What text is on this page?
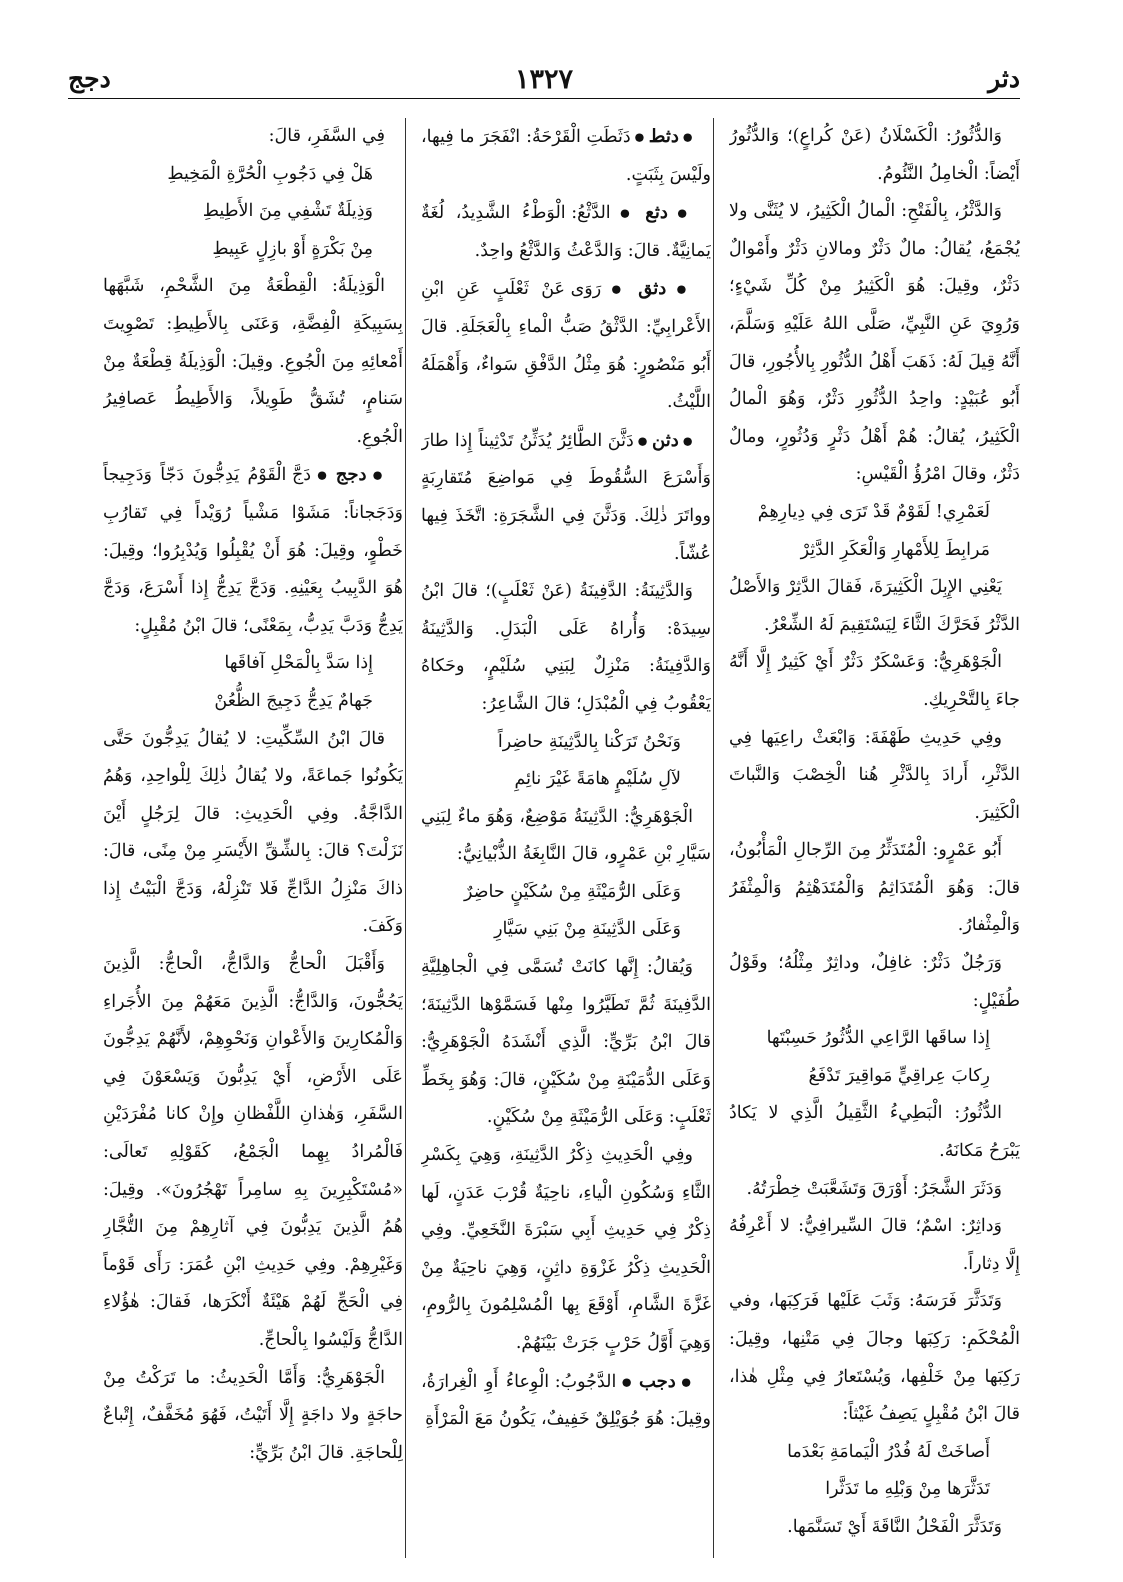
دثر
١٣٢٧
دجج

وَالدُّثُورُ: الْكَسْلَانُ (عَنْ كُراعٍ)؛ وَالدُّثُورُ أَيْضاً: الْخامِلُ النَّئُومُ.

وَالدَّثْرُ، بِالْفَتْحِ: الْمالُ الْكَثِيرُ، لا يُثَنَّى ولا يُجْمَعُ، يُقالُ: مالٌ دَثْرٌ ومالانِ دَثْرٌ وأَمْوالٌ دَثْرٌ، وقِيلَ: هُوَ الْكَثِيرُ مِنْ كُلِّ شَيْءٍ؛ وَرُوِيَ عَنِ النَّبِيِّ، صَلَّى اللهُ عَلَيْهِ وَسَلَّمَ، أَنَّهُ قِيلَ لَهُ: ذَهَبَ أَهْلُ الدُّثُورِ بِالأُجُورِ، قالَ أَبُو عُبَيْدٍ: واحِدُ الدُّثُورِ دَثْرٌ، وَهُوَ الْمالُ الْكَثِيرُ، يُقالُ: هُمْ أَهْلُ دَثْرٍ وَدُثُورٍ، ومالٌ دَثْرٌ، وقالَ امْرُؤُ الْقَيْسِ:

لَعَمْرِي! لَقَوْمٌ قَدْ تَرَى فِي دِيارِهِمْ

مَرابِطَ لِلأَمْهارِ وَالْعَكَرِ الدَّثِرْ

يَعْنِي الإِبِلَ الْكَثِيرَةَ، فَقالَ الدَّثِرْ وَالأَصْلُ الدَّثْرُ فَحَرَّكَ الثَّاءَ لِيَسْتَقِيمَ لَهُ الشِّعْرُ.

الْجَوْهَرِيُّ: وَعَسْكَرٌ دَثْرٌ أَيْ كَثِيرٌ إِلَّا أَنَّهُ جاءَ بِالتَّحْرِيكِ.

وفِي حَدِيثِ طَهْفَةَ: وَابْعَثْ راعِيَها فِي الدَّثْرِ، أَرادَ بِالدَّثْرِ هُنا الْخِصْبَ وَالنَّباتَ الْكَثِيرَ.

أَبُو عَمْرٍو: الْمُتَدَثِّرُ مِنَ الرِّجالِ الْمَأْبُونُ، قالَ: وَهُوَ الْمُتَدَاثِمُ وَالْمُتَدَهْثِمُ وَالْمِثْفَرُ وَالْمِثْفارُ.

وَرَجُلٌ دَثْرٌ: غافِلٌ، وداثِرٌ مِثْلُهُ؛ وقَوْلُ طُفَيْلٍ:

إِذا ساقَها الرَّاعِي الدُّثُورُ حَسِبْتَها

رِكابَ عِراقِيٍّ مَواقِيرَ تَدْفَعُ

الدُّثُورُ: الْبَطِيءُ الثَّقِيلُ الَّذِي لا يَكادُ يَبْرَحُ مَكانَهُ.

وَدَثَرَ الشَّجَرُ: أَوْرَقَ وَتَشَعَّبَتْ خِطْرَتُهُ.

وَداثِرٌ: اسْمٌ؛ قالَ السِّيرافِيُّ: لا أَعْرِفُهُ إِلَّا دِثاراً.

وَتَدَثَّرَ فَرَسَهُ: وَثَبَ عَلَيْها فَرَكِبَها، وفي الْمُحْكَمِ: رَكِبَها وجالَ فِي مَتْنِها، وقِيلَ: رَكِبَها مِنْ خَلْفِها، وَيُسْتَعارُ فِي مِثْلِ هٰذا، قالَ ابْنُ مُقْبِلٍ يَصِفُ غَيْثاً:

أَصاخَتْ لَهُ فُدْرُ الْيَمامَةِ بَعْدَما

تَدَثَّرَها مِنْ وَبْلِهِ ما تَدَثَّرا

وَتَدَثَّرَ الْفَحْلُ النَّاقَةَ أَيْ تَسَنَّمَها.

● دثط ● دَثَطَتِ الْقَرْحَةُ: انْفَجَرَ ما فِيها، ولَيْسَ بِثَبَتٍ.

● دثع ● الدَّثْعُ: الْوَطْءُ الشَّدِيدُ، لُغَةٌ يَمانِيَّةٌ. قالَ: وَالدَّعْثُ وَالدَّثْعُ واحِدٌ.

● دثق ● رَوَى عَنْ ثَعْلَبٍ عَنِ ابْنِ الأَعْرابِيِّ: الدَّثْقُ صَبُّ الْماءِ بِالْعَجَلَةِ. قالَ أَبُو مَنْصُورٍ: هُوَ مِثْلُ الدَّفْقِ سَواءٌ، وَأَهْمَلَهُ اللَّيْثُ.

● دثن ● دَثَّنَ الطَّائِرُ يُدَثِّنُ تَدْثِيناً إِذا طارَ وَأَسْرَعَ السُّقُوطَ فِي مَواضِعَ مُتَقارِبَةٍ وواتَرَ ذٰلِكَ. وَدَثَّنَ فِي الشَّجَرَةِ: اتَّخَذَ فِيها عُشّاً.

وَالدَّثِينَةُ: الدَّفِينَةُ (عَنْ ثَعْلَبٍ)؛ قالَ ابْنُ سِيدَهْ: وَأُراهُ عَلَى الْبَدَلِ. وَالدَّثِينَةُ وَالدَّفِينَةُ: مَنْزِلٌ لِبَنِي سُلَيْمٍ، وحَكاهُ يَعْقُوبُ فِي الْمُبْدَلِ؛ قالَ الشَّاعِرُ:

وَنَحْنُ تَرَكْنا بِالدَّثِينَةِ حاضِراً

لآلِ سُلَيْمٍ هامَةً غَيْرَ نائِمِ

الْجَوْهَرِيُّ: الدَّثِينَةُ مَوْضِعٌ، وَهُوَ ماءٌ لِبَنِي سَيَّارِ بْنِ عَمْرٍو، قالَ النَّابِغَةُ الذُّبْيانِيُّ:

وَعَلَى الرُّمَيْثَةِ مِنْ سُكَيْنٍ حاضِرٌ

وَعَلَى الدَّثِينَةِ مِنْ بَنِي سَيَّارِ

وَيُقالُ: إِنَّها كانَتْ تُسَمَّى فِي الْجاهِلِيَّةِ الدَّفِينَةَ ثُمَّ تَطَيَّرُوا مِنْها فَسَمَّوْها الدَّثِينَةَ؛ قالَ ابْنُ بَرِّيٍّ: الَّذِي أَنْشَدَهُ الْجَوْهَرِيُّ: وَعَلَى الدُّمَيْنَةِ مِنْ سُكَيْنٍ، قالَ: وَهُوَ بِخَطِّ ثَعْلَبٍ: وَعَلَى الرُّمَيْثَةِ مِنْ سُكَيْنٍ.

وفِي الْحَدِيثِ ذِكْرُ الدَّثِينَةِ، وَهِيَ بِكَسْرِ الثَّاءِ وَسُكُونِ الْياءِ، ناحِيَةٌ قُرْبَ عَدَنٍ، لَها ذِكْرٌ فِي حَدِيثِ أَبِي سَبْرَةَ النَّخَعِيِّ. وفِي الْحَدِيثِ ذِكْرُ غَزْوَةِ داثِنٍ، وَهِيَ ناحِيَةٌ مِنْ غَزَّةَ الشَّامِ، أَوْقَعَ بِها الْمُسْلِمُونَ بِالرُّومِ، وَهِيَ أَوَّلُ حَرْبٍ جَرَتْ بَيْنَهُمْ.

● دجب ● الدَّجُوبُ: الْوِعاءُ أَوِ الْغِرارَةُ، وقِيلَ: هُوَ جُوَيْلِقٌ خَفِيفٌ، يَكُونُ مَعَ الْمَرْأَةِ

فِي السَّفَرِ، قالَ:

هَلْ فِي دَجُوبِ الْحُرَّةِ الْمَخِيطِ

وَذِيلَةٌ تَشْفِي مِنَ الأَطِيطِ

مِنْ بَكْرَةٍ أَوْ بازِلٍ عَبِيطِ

الْوَذِيلَةُ: الْقِطْعَةُ مِنَ الشَّحْمِ، شَبَّهَها بِسَبِيكَةِ الْفِضَّةِ، وَعَنَى بِالأَطِيطِ: تَصْوِيتَ أَمْعائِهِ مِنَ الْجُوعِ. وقِيلَ: الْوَذِيلَةُ قِطْعَةٌ مِنْ سَنامٍ، تُشَقُّ طَوِيلاً، وَالأَطِيطُ عَصافِيرُ الْجُوعِ.

● دجج ● دَجَّ الْقَوْمُ يَدِجُّونَ دَجّاً وَدَجِيجاً وَدَجَجاناً: مَشَوْا مَشْياً رُوَيْداً فِي تَقارُبِ خَطْوٍ، وقِيلَ: هُوَ أَنْ يُقْبِلُوا وَيُدْبِرُوا؛ وقِيلَ: هُوَ الدَّبِيبُ بِعَيْنِهِ. وَدَجَّ يَدِجُّ إِذا أَسْرَعَ، وَدَجَّ يَدِجُّ وَدَبَّ يَدِبُّ، بِمَعْنًى؛ قالَ ابْنُ مُقْبِلٍ:

إِذا سَدَّ بِالْمَحْلِ آفاقَها

جَهامٌ يَدِجُّ دَجِيجَ الظُّعُنْ

قالَ ابْنُ السِّكِّيتِ: لا يُقالُ يَدِجُّونَ حَتَّى يَكُونُوا جَماعَةً، ولا يُقالُ ذٰلِكَ لِلْواحِدِ، وَهُمُ الدَّاجَّةُ. وفِي الْحَدِيثِ: قالَ لِرَجُلٍ أَيْنَ نَزَلْتَ؟ قالَ: بِالشِّقِّ الأَيْسَرِ مِنْ مِنًى، قالَ: ذاكَ مَنْزِلُ الدَّاجِّ فَلا تَنْزِلْهُ، وَدَجَّ الْبَيْتُ إِذا وَكَفَ.

وَأَقْبَلَ الْحاجُّ وَالدَّاجُّ، الْحاجُّ: الَّذِينَ يَحُجُّونَ، وَالدَّاجُّ: الَّذِينَ مَعَهُمْ مِنَ الأُجَراءِ وَالْمُكارِينَ وَالأَعْوانِ وَنَحْوِهِمْ، لأَنَّهُمْ يَدِجُّونَ عَلَى الأَرْضِ، أَيْ يَدِبُّونَ وَيَسْعَوْنَ فِي السَّفَرِ، وَهٰذانِ اللَّفْظانِ وإِنْ كانا مُفْرَدَيْنِ فَالْمُرادُ بِهِما الْجَمْعُ، كَقَوْلِهِ تَعالَى: «مُسْتَكْبِرِينَ بِهِ سامِراً تَهْجُرُونَ». وقِيلَ: هُمُ الَّذِينَ يَدِبُّونَ فِي آثارِهِمْ مِنَ التُّجَّارِ وَغَيْرِهِمْ. وفِي حَدِيثِ ابْنِ عُمَرَ: رَأَى قَوْماً فِي الْحَجِّ لَهُمْ هَيْئَةٌ أَنْكَرَها، فَقالَ: هٰؤُلاءِ الدَّاجُّ وَلَيْسُوا بِالْحاجِّ.

الْجَوْهَرِيُّ: وَأَمَّا الْحَدِيثُ: ما تَرَكْتُ مِنْ حاجَةٍ ولا داجَةٍ إِلَّا أَتَيْتُ، فَهُوَ مُخَفَّفٌ، إِتْباعٌ لِلْحاجَةِ. قالَ ابْنُ بَرِّيٍّ:
